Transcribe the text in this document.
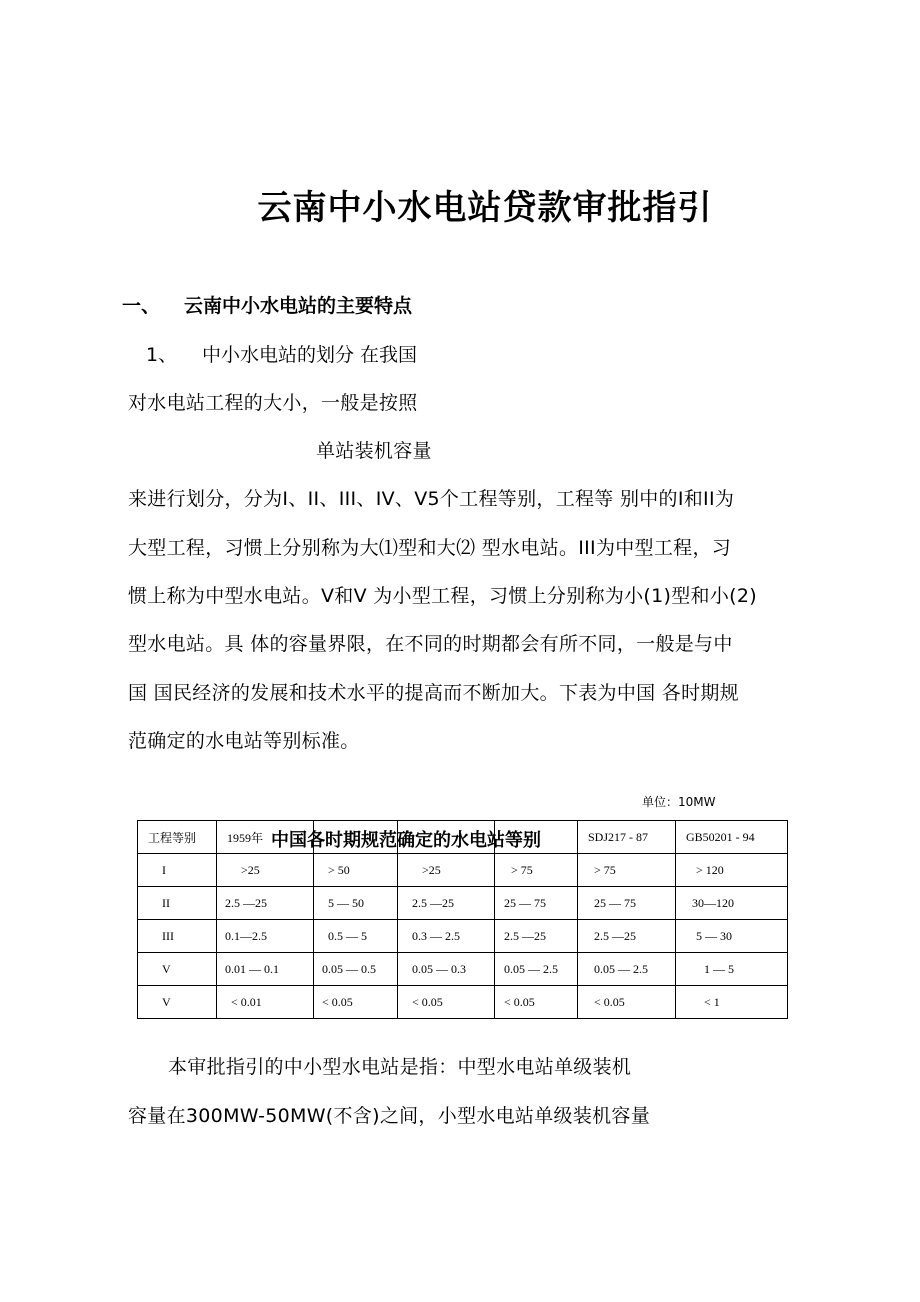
云南中小水电站贷款审批指引
一、 云南中小水电站的主要特点
1、 中小水电站的划分 在我国
对水电站工程的大小，一般是按照
单站装机容量
来进行划分，分为I、II、III、IV、V5个工程等别，工程等 别中的I和II为
大型工程，习惯上分别称为大⑴型和大⑵ 型水电站。III为中型工程，习
惯上称为中型水电站。V和V 为小型工程，习惯上分别称为小(1)型和小(2)
型水电站。具 体的容量界限，在不同的时期都会有所不同，一般是与中
国 国民经济的发展和技术水平的提高而不断加大。下表为中国 各时期规
范确定的水电站等别标准。
单位：10MW
工程等别	1959年				SDJ217 - 87	GB50201 - 94
I	>25	> 50	>25	> 75	> 75	> 120
II	2.5 —25	5 — 50	2.5 —25	25 — 75	25 — 75	30—120
III	0.1—2.5	0.5 — 5	0.3 — 2.5	2.5 —25	2.5 —25	5 — 30
V	0.01 — 0.1	0.05 — 0.5	0.05 — 0.3	0.05 — 2.5	0.05 — 2.5	1 — 5
V	< 0.01	< 0.05	< 0.05	< 0.05	< 0.05	< 1
中国各时期规范确定的水电站等别
本审批指引的中小型水电站是指：中型水电站单级装机
容量在300MW-50MW(不含)之间，小型水电站单级装机容量
